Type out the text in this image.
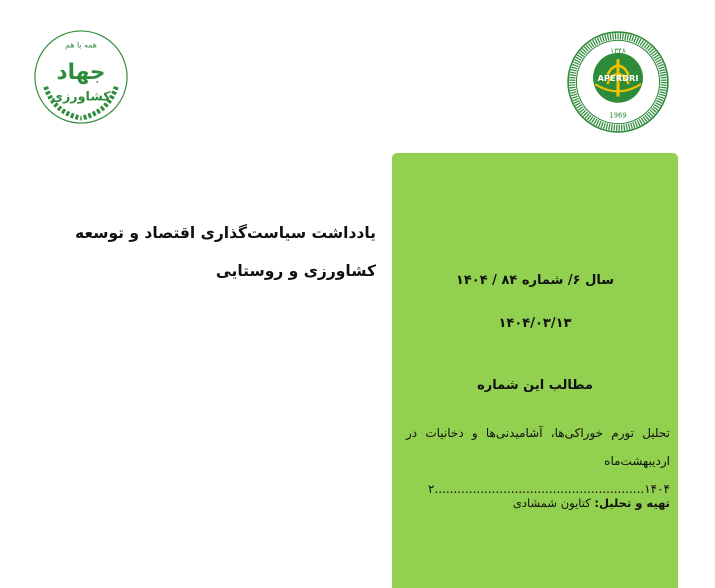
همه با هم
جهاد
کشاورزی
۱۳۴۸
APERDRI
1969
یادداشت سیاست‌گذاری اقتصاد و توسعه کشاورزی و روستایی
سال ۶/ شماره ۸۴ / ۱۴۰۴
۱۴۰۴/۰۳/۱۳
مطالب این شماره
تحلیل تورم خوراکی‌ها، آشامیدنی‌ها و دخانیات در اردیبهشت‌ماه ۱۴۰۴.......................................................۲
تهیه و تحلیل: کتایون شمشادی
